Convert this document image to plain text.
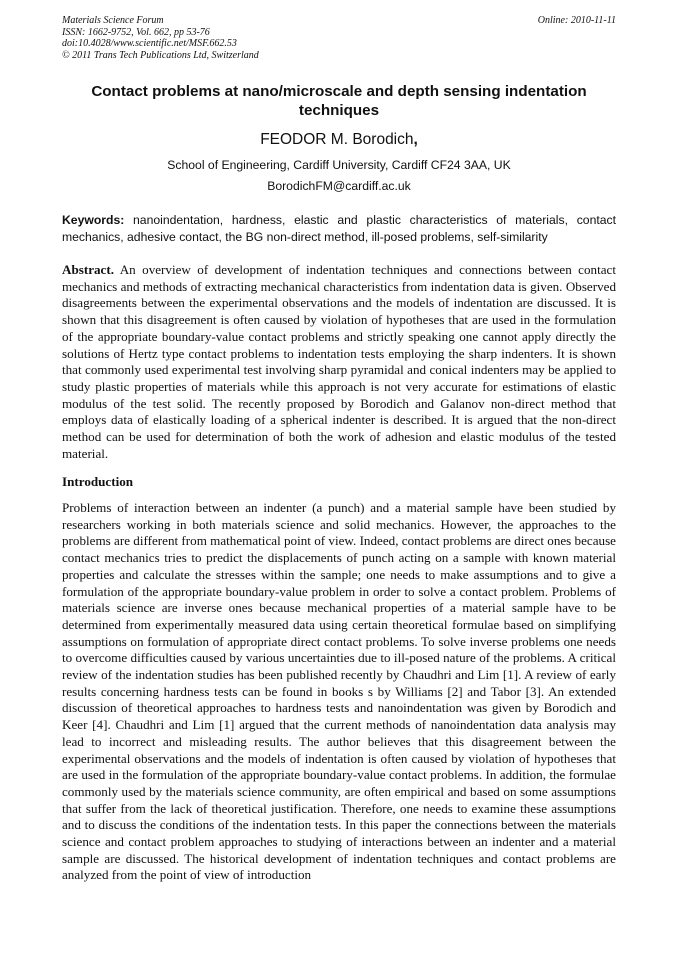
Materials Science Forum
ISSN: 1662-9752, Vol. 662, pp 53-76
doi:10.4028/www.scientific.net/MSF.662.53
© 2011 Trans Tech Publications Ltd, Switzerland
Online: 2010-11-11
Contact problems at nano/microscale and depth sensing indentation techniques
FEODOR M. Borodich,
School of Engineering, Cardiff University, Cardiff CF24 3AA, UK
BorodichFM@cardiff.ac.uk
Keywords: nanoindentation, hardness, elastic and plastic characteristics of materials, contact mechanics, adhesive contact, the BG non-direct method, ill-posed problems, self-similarity
Abstract. An overview of development of indentation techniques and connections between contact mechanics and methods of extracting mechanical characteristics from indentation data is given. Observed disagreements between the experimental observations and the models of indentation are discussed. It is shown that this disagreement is often caused by violation of hypotheses that are used in the formulation of the appropriate boundary-value contact problems and strictly speaking one cannot apply directly the solutions of Hertz type contact problems to indentation tests employing the sharp indenters. It is shown that commonly used experimental test involving sharp pyramidal and conical indenters may be applied to study plastic properties of materials while this approach is not very accurate for estimations of elastic modulus of the test solid. The recently proposed by Borodich and Galanov non-direct method that employs data of elastically loading of a spherical indenter is described. It is argued that the non-direct method can be used for determination of both the work of adhesion and elastic modulus of the tested material.
Introduction
Problems of interaction between an indenter (a punch) and a material sample have been studied by researchers working in both materials science and solid mechanics. However, the approaches to the problems are different from mathematical point of view. Indeed, contact problems are direct ones because contact mechanics tries to predict the displacements of punch acting on a sample with known material properties and calculate the stresses within the sample; one needs to make assumptions and to give a formulation of the appropriate boundary-value problem in order to solve a contact problem. Problems of materials science are inverse ones because mechanical properties of a material sample have to be determined from experimentally measured data using certain theoretical formulae based on simplifying assumptions on formulation of appropriate direct contact problems. To solve inverse problems one needs to overcome difficulties caused by various uncertainties due to ill-posed nature of the problems. A critical review of the indentation studies has been published recently by Chaudhri and Lim [1]. A review of early results concerning hardness tests can be found in books s by Williams [2] and Tabor [3]. An extended discussion of theoretical approaches to hardness tests and nanoindentation was given by Borodich and Keer [4]. Chaudhri and Lim [1] argued that the current methods of nanoindentation data analysis may lead to incorrect and misleading results. The author believes that this disagreement between the experimental observations and the models of indentation is often caused by violation of hypotheses that are used in the formulation of the appropriate boundary-value contact problems. In addition, the formulae commonly used by the materials science community, are often empirical and based on some assumptions that suffer from the lack of theoretical justification. Therefore, one needs to examine these assumptions and to discuss the conditions of the indentation tests. In this paper the connections between the materials science and contact problem approaches to studying of interactions between an indenter and a material sample are discussed. The historical development of indentation techniques and contact problems are analyzed from the point of view of introduction
